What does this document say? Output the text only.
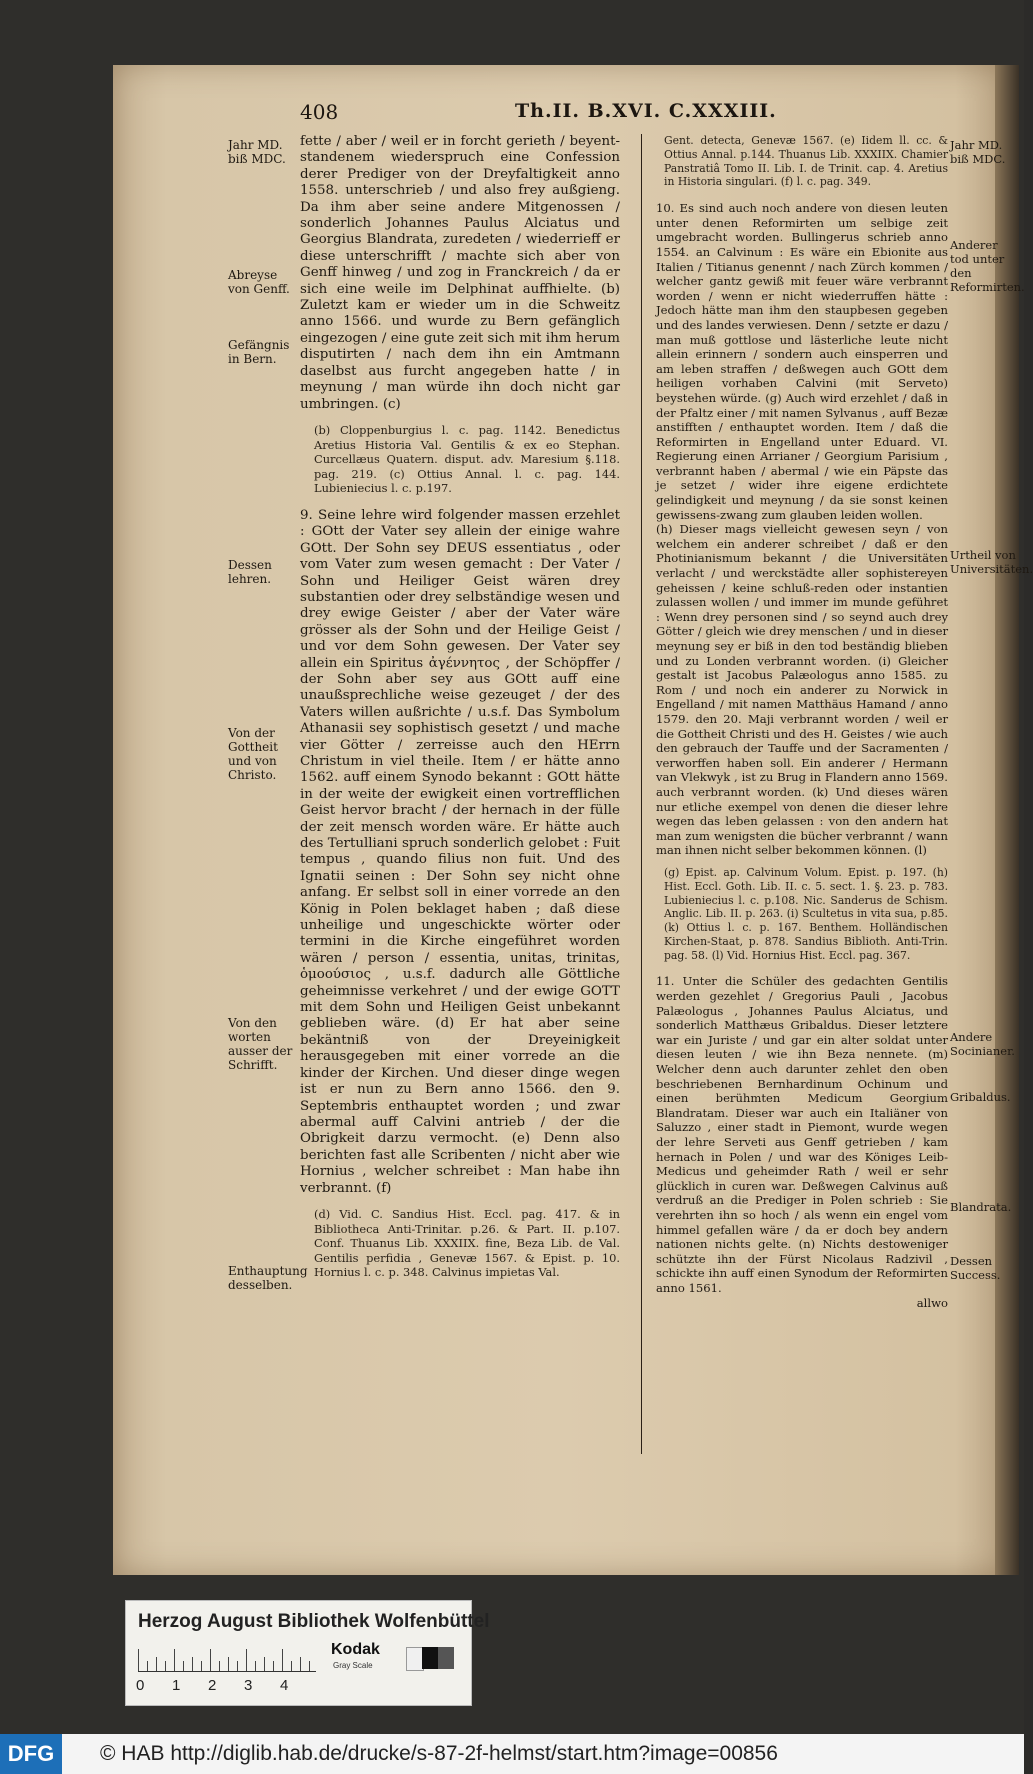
408	Th.II. B.XVI. C.XXXIII.

fette / aber / weil er in forcht gerieth / beyent-standenem wiederspruch eine Confession derer Prediger von der Dreyfaltigkeit anno 1558. unterschrieb / und also frey außgieng. Da ihm aber seine andere Mitgenossen / sonderlich Johannes Paulus Alciatus und Georgius Blandrata, zuredeten / wiederrieff er diese unterschrifft / machte sich aber von Genff hinweg / und zog in Franckreich / da er sich eine weile im Delphinat auffhielte. (b) Zuletzt kam er wieder um in die Schweitz anno 1566. und wurde zu Bern gefänglich eingezogen / eine gute zeit sich mit ihm herum disputirten / nach dem ihn ein Amtmann daselbst aus furcht angegeben hatte / in meynung / man würde ihn doch nicht gar umbringen. (c)

(b) Cloppenburgius l. c. pag. 1142. Benedictus Aretius Historia Val. Gentilis & ex eo Stephan. Curcellæus Quatern. disput. adv. Maresium §.118. pag. 219. (c) Ottius Annal. l. c. pag. 144. Lubieniecius l. c. p.197.

9. Seine lehre wird folgender massen erzehlet : GOtt der Vater sey allein der einige wahre GOtt. Der Sohn sey DEUS essentiatus , oder vom Vater zum wesen gemacht : Der Vater / Sohn und Heiliger Geist wären drey substantien oder drey selbständige wesen und drey ewige Geister / aber der Vater wäre grösser als der Sohn und der Heilige Geist / und vor dem Sohn gewesen. Der Vater sey allein ein Spiritus ἀγέννητος , der Schöpffer / der Sohn aber sey aus GOtt auff eine unaußsprechliche weise gezeuget / der des Vaters willen außrichte / u.s.f. Das Symbolum Athanasii sey sophistisch gesetzt / und mache vier Götter / zerreisse auch den HErrn Christum in viel theile. Item / er hätte anno 1562. auff einem Synodo bekannt : GOtt hätte in der weite der ewigkeit einen vortrefflichen Geist hervor bracht / der hernach in der fülle der zeit mensch worden wäre. Er hätte auch des Tertulliani spruch sonderlich gelobet : Fuit tempus , quando filius non fuit. Und des Ignatii seinen : Der Sohn sey nicht ohne anfang. Er selbst soll in einer vorrede an den König in Polen beklaget haben ; daß diese unheilige und ungeschickte wörter oder termini in die Kirche eingeführet worden wären / person / essentia, unitas, trinitas, ὁμοούσιος , u.s.f. dadurch alle Göttliche geheimnisse verkehret / und der ewige GOTT mit dem Sohn und Heiligen Geist unbekannt geblieben wäre. (d) Er hat aber seine bekäntniß von der Dreyeinigkeit herausgegeben mit einer vorrede an die kinder der Kirchen. Und dieser dinge wegen ist er nun zu Bern anno 1566. den 9. Septembris enthauptet worden ; und zwar abermal auff Calvini antrieb / der die Obrigkeit darzu vermocht. (e) Denn also berichten fast alle Scribenten / nicht aber wie Hornius , welcher schreibet : Man habe ihn verbrannt. (f)

(d) Vid. C. Sandius Hist. Eccl. pag. 417. & in Bibliotheca Anti-Trinitar. p.26. & Part. II. p.107. Conf. Thuanus Lib. XXXIIX. fine, Beza Lib. de Val. Gentilis perfidia , Genevæ 1567. & Epist. p. 10. Hornius l. c. p. 348. Calvinus impietas Val.

Gent. detecta, Genevæ 1567. (e) Iidem ll. cc. & Ottius Annal. p.144. Thuanus Lib. XXXIIX. Chamier Panstratiâ Tomo II. Lib. I. de Trinit. cap. 4. Aretius in Historia singulari. (f) l. c. pag. 349.

10. Es sind auch noch andere von diesen leuten unter denen Reformirten um selbige zeit umgebracht worden. Bullingerus schrieb anno 1554. an Calvinum : Es wäre ein Ebionite aus Italien / Titianus genennt / nach Zürch kommen / welcher gantz gewiß mit feuer wäre verbrannt worden / wenn er nicht wiederruffen hätte : Jedoch hätte man ihm den staupbesen gegeben und des landes verwiesen. Denn / setzte er dazu / man muß gottlose und lästerliche leute nicht allein erinnern / sondern auch einsperren und am leben straffen / deßwegen auch GOtt dem heiligen vorhaben Calvini (mit Serveto) beystehen würde. (g) Auch wird erzehlet / daß in der Pfaltz einer / mit namen Sylvanus , auff Bezæ anstifften / enthauptet worden. Item / daß die Reformirten in Engelland unter Eduard. VI. Regierung einen Arrianer / Georgium Parisium , verbrannt haben / abermal / wie ein Päpste das je setzet / wider ihre eigene erdichtete gelindigkeit und meynung / da sie sonst keinen gewissens-zwang zum glauben leiden wollen.

(h) Dieser mags vielleicht gewesen seyn / von welchem ein anderer schreibet / daß er den Photinianismum bekannt / die Universitäten verlacht / und werckstädte aller sophistereyen geheissen / keine schluß-reden oder instantien zulassen wollen / und immer im munde geführet : Wenn drey personen sind / so seynd auch drey Götter / gleich wie drey menschen / und in dieser meynung sey er biß in den tod beständig blieben und zu Londen verbrannt worden. (i) Gleicher gestalt ist Jacobus Palæologus anno 1585. zu Rom / und noch ein anderer zu Norwick in Engelland / mit namen Matthäus Hamand / anno 1579. den 20. Maji verbrannt worden / weil er die Gottheit Christi und des H. Geistes / wie auch den gebrauch der Tauffe und der Sacramenten / verworffen haben soll. Ein anderer / Hermann van Vlekwyk , ist zu Brug in Flandern anno 1569. auch verbrannt worden. (k) Und dieses wären nur etliche exempel von denen die dieser lehre wegen das leben gelassen : von den andern hat man zum wenigsten die bücher verbrannt / wann man ihnen nicht selber bekommen können. (l)

(g) Epist. ap. Calvinum Volum. Epist. p. 197. (h) Hist. Eccl. Goth. Lib. II. c. 5. sect. 1. §. 23. p. 783. Lubieniecius l. c. p.108. Nic. Sanderus de Schism. Anglic. Lib. II. p. 263. (i) Scultetus in vita sua, p.85. (k) Ottius l. c. p. 167. Benthem. Holländischen Kirchen-Staat, p. 878. Sandius Biblioth. Anti-Trin. pag. 58. (l) Vid. Hornius Hist. Eccl. pag. 367.

11. Unter die Schüler des gedachten Gentilis werden gezehlet / Gregorius Pauli , Jacobus Palæologus , Johannes Paulus Alciatus, und sonderlich Matthæus Gribaldus. Dieser letztere war ein Juriste / und gar ein alter soldat unter diesen leuten / wie ihn Beza nennete. (m) Welcher denn auch darunter zehlet den oben beschriebenen Bernhardinum Ochinum und einen berühmten Medicum Georgium Blandratam. Dieser war auch ein Italiäner von Saluzzo , einer stadt in Piemont, wurde wegen der lehre Serveti aus Genff getrieben / kam hernach in Polen / und war des Königes Leib-Medicus und geheimder Rath / weil er sehr glücklich in curen war. Deßwegen Calvinus auß verdruß an die Prediger in Polen schrieb : Sie verehrten ihn so hoch / als wenn ein engel vom himmel gefallen wäre / da er doch bey andern nationen nichts gelte. (n) Nichts destoweniger schützte ihn der Fürst Nicolaus Radzivil , schickte ihn auff einen Synodum der Reformirten anno 1561.

allwo

Jahr MD. biß MDC.
Abreyse von Genff.
Gefängnis in Bern.
Dessen lehren.
Von der Gottheit und von Christo.
Von den worten ausser der Schrifft.
Enthauptung desselben.
Jahr MD. biß MDC.
Anderer tod unter den Reformirten.
Urtheil von Universitäten.
Andere Socinianer.
Gribaldus.
Blandrata.
Dessen Success.
Herzog August Bibliothek Wolfenbüttel
0 1 2 3 4
Kodak
Gray Scale
DFG	© HAB http://diglib.hab.de/drucke/s-87-2f-helmst/start.htm?image=00856
